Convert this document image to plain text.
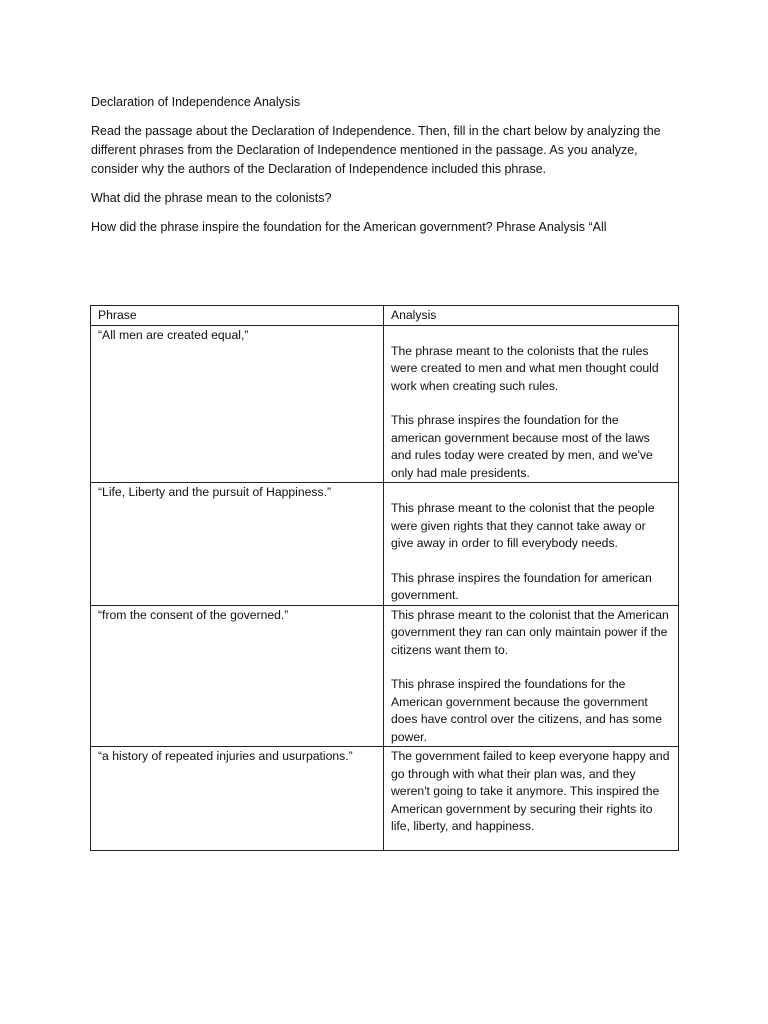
Declaration of Independence Analysis

Read the passage about the Declaration of Independence. Then, fill in the chart below by analyzing the different phrases from the Declaration of Independence mentioned in the passage. As you analyze, consider why the authors of the Declaration of Independence included this phrase.

What did the phrase mean to the colonists?

How did the phrase inspire the foundation for the American government? Phrase Analysis “All

Phrase	Analysis

“All men are created equal,”	The phrase meant to the colonists that the rules were created to men and what men thought could work when creating such rules.

This phrase inspires the foundation for the american government because most of the laws and rules today were created by men, and we've only had male presidents.

“Life, Liberty and the pursuit of Happiness.”	This phrase meant to the colonist that the people were given rights that they cannot take away or give away in order to fill everybody needs.

This phrase inspires the foundation for american government.

“from the consent of the governed.”	This phrase meant to the colonist that the American government they ran can only maintain power if the citizens want them to.

This phrase inspired the foundations for the American government because the government does have control over the citizens, and has some power.

“a history of repeated injuries and usurpations.”	The government failed to keep everyone happy and go through with what their plan was, and they weren't going to take it anymore. This inspired the American government by securing their rights ito life, liberty, and happiness.
